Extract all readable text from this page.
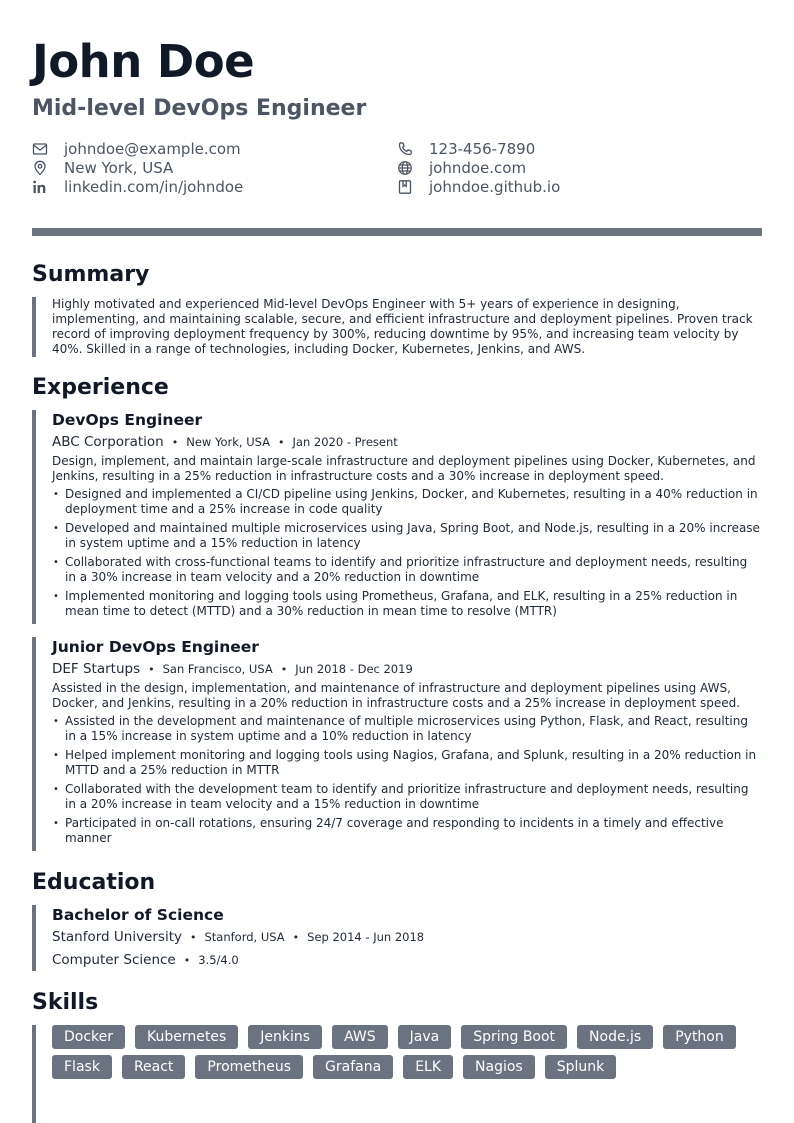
John Doe
Mid-level DevOps Engineer
johndoe@example.com
New York, USA
linkedin.com/in/johndoe
123-456-7890
johndoe.com
johndoe.github.io
Summary

Highly motivated and experienced Mid-level DevOps Engineer with 5+ years of experience in designing, implementing, and maintaining scalable, secure, and efficient infrastructure and deployment pipelines. Proven track record of improving deployment frequency by 300%, reducing downtime by 95%, and increasing team velocity by 40%. Skilled in a range of technologies, including Docker, Kubernetes, Jenkins, and AWS.

Experience

DevOps Engineer

ABC Corporation • New York, USA • Jan 2020 - Present

Design, implement, and maintain large-scale infrastructure and deployment pipelines using Docker, Kubernetes, and Jenkins, resulting in a 25% reduction in infrastructure costs and a 30% increase in deployment speed.

• Designed and implemented a CI/CD pipeline using Jenkins, Docker, and Kubernetes, resulting in a 40% reduction in deployment time and a 25% increase in code quality
• Developed and maintained multiple microservices using Java, Spring Boot, and Node.js, resulting in a 20% increase in system uptime and a 15% reduction in latency
• Collaborated with cross-functional teams to identify and prioritize infrastructure and deployment needs, resulting in a 30% increase in team velocity and a 20% reduction in downtime
• Implemented monitoring and logging tools using Prometheus, Grafana, and ELK, resulting in a 25% reduction in mean time to detect (MTTD) and a 30% reduction in mean time to resolve (MTTR)

Junior DevOps Engineer

DEF Startups • San Francisco, USA • Jun 2018 - Dec 2019

Assisted in the design, implementation, and maintenance of infrastructure and deployment pipelines using AWS, Docker, and Jenkins, resulting in a 20% reduction in infrastructure costs and a 25% increase in deployment speed.

• Assisted in the development and maintenance of multiple microservices using Python, Flask, and React, resulting in a 15% increase in system uptime and a 10% reduction in latency
• Helped implement monitoring and logging tools using Nagios, Grafana, and Splunk, resulting in a 20% reduction in MTTD and a 25% reduction in MTTR
• Collaborated with the development team to identify and prioritize infrastructure and deployment needs, resulting in a 20% increase in team velocity and a 15% reduction in downtime
• Participated in on-call rotations, ensuring 24/7 coverage and responding to incidents in a timely and effective manner
Education

Bachelor of Science

Stanford University • Stanford, USA • Sep 2014 - Jun 2018

Computer Science • 3.5/4.0

Skills
Docker	Kubernetes	Jenkins	AWS	Java	Spring Boot	Node.js	Python
Flask	React	Prometheus	Grafana	ELK	Nagios	Splunk
